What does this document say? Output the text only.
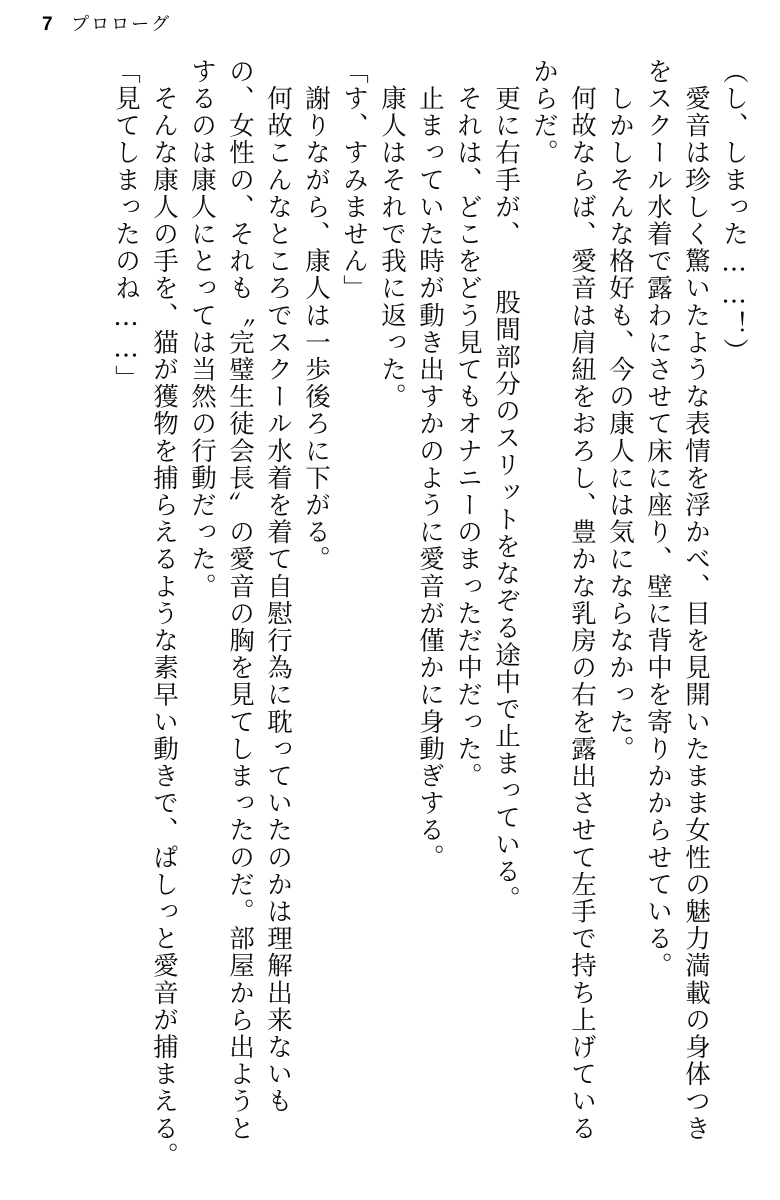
7 プロローグ
（し、しまった……！）
　愛音は珍しく驚いたような表情を浮かべ、目を見開いたまま女性の魅力満載の身体つき
をスクール水着で露わにさせて床に座り、壁に背中を寄りかからせている。
　しかしそんな格好も、今の康人には気にならなかった。
　何故ならば、愛音は肩紐をおろし、豊かな乳房の右を露出させて左手で持ち上げている
からだ。
　更に右手が、　　股間部分のスリットをなぞる途中で止まっている。
　それは、どこをどう見てもオナニーのまっただ中だった。
　止まっていた時が動き出すかのように愛音が僅かに身動ぎする。
　康人はそれで我に返った。
「す、すみません」
　謝りながら、康人は一歩後ろに下がる。
　何故こんなところでスクール水着を着て自慰行為に耽っていたのかは理解出来ないも
の、女性の、それも〝完璧生徒会長〟の愛音の胸を見てしまったのだ。部屋から出ようと
するのは康人にとっては当然の行動だった。
　そんな康人の手を、猫が獲物を捕らえるような素早い動きで、ぱしっと愛音が捕まえる。
「見てしまったのね……」
